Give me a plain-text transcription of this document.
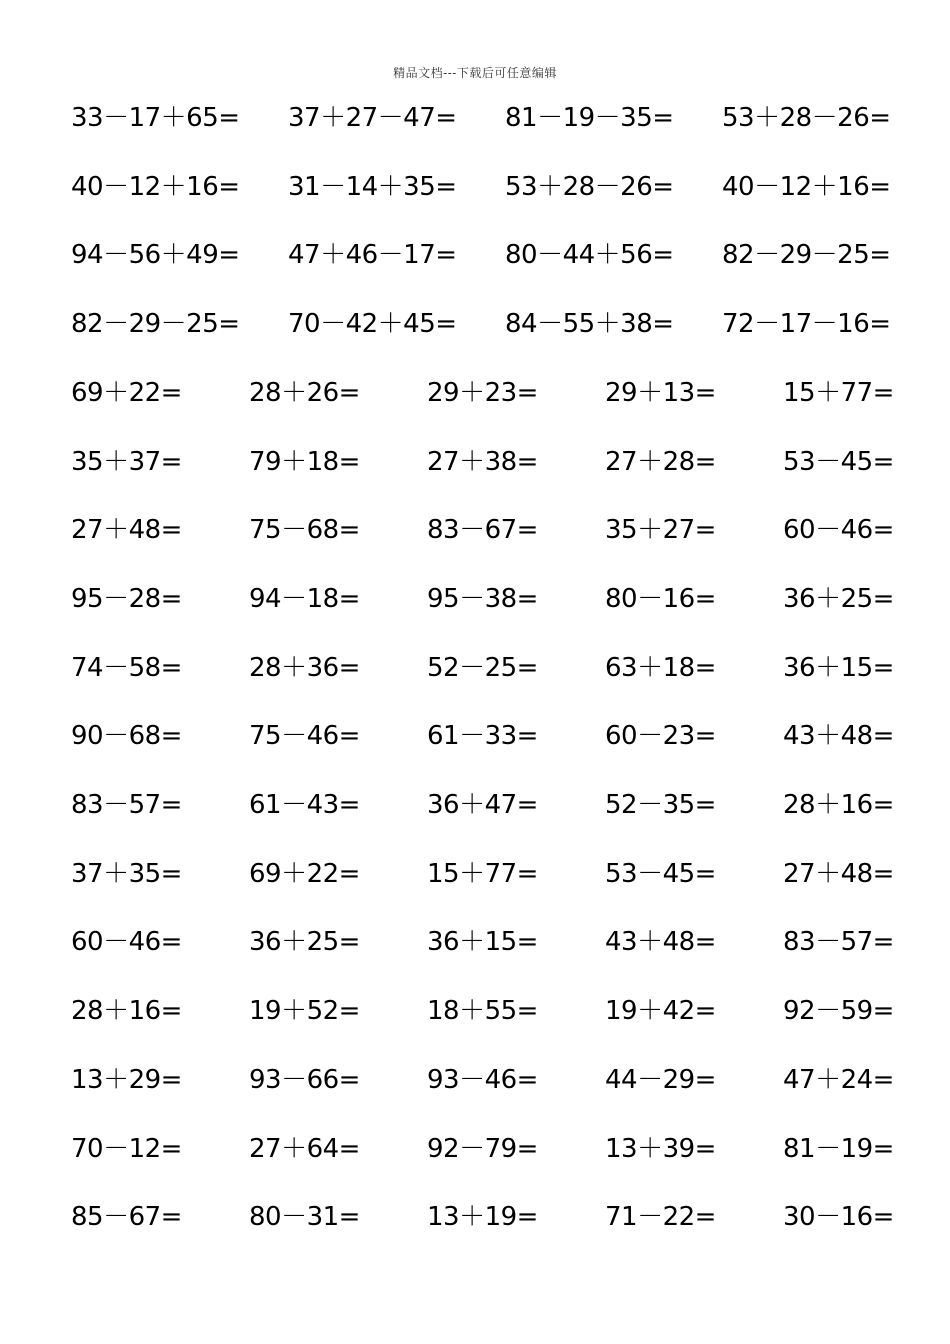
精品文档---下载后可任意编辑
33－17＋65= 37＋27－47= 81－19－35= 53＋28－26=
40－12＋16= 31－14＋35= 53＋28－26= 40－12＋16=
94－56＋49= 47＋46－17= 80－44＋56= 82－29－25=
82－29－25= 70－42＋45= 84－55＋38= 72－17－16=
69＋22=	28＋26=	29＋23=	29＋13=	15＋77=
35＋37=	79＋18=	27＋38=	27＋28=	53－45=
27＋48=	75－68=	83－67=	35＋27=	60－46=
95－28=	94－18=	95－38=	80－16=	36＋25=
74－58=	28＋36=	52－25=	63＋18=	36＋15=
90－68=	75－46=	61－33=	60－23=	43＋48=
83－57=	61－43=	36＋47=	52－35=	28＋16=
37＋35=	69＋22=	15＋77=	53－45=	27＋48=
60－46=	36＋25=	36＋15=	43＋48=	83－57=
28＋16=	19＋52=	18＋55=	19＋42=	92－59=
13＋29=	93－66=	93－46=	44－29=	47＋24=
70－12=	27＋64=	92－79=	13＋39=	81－19=
85－67=	80－31=	13＋19=	71－22=	30－16=
